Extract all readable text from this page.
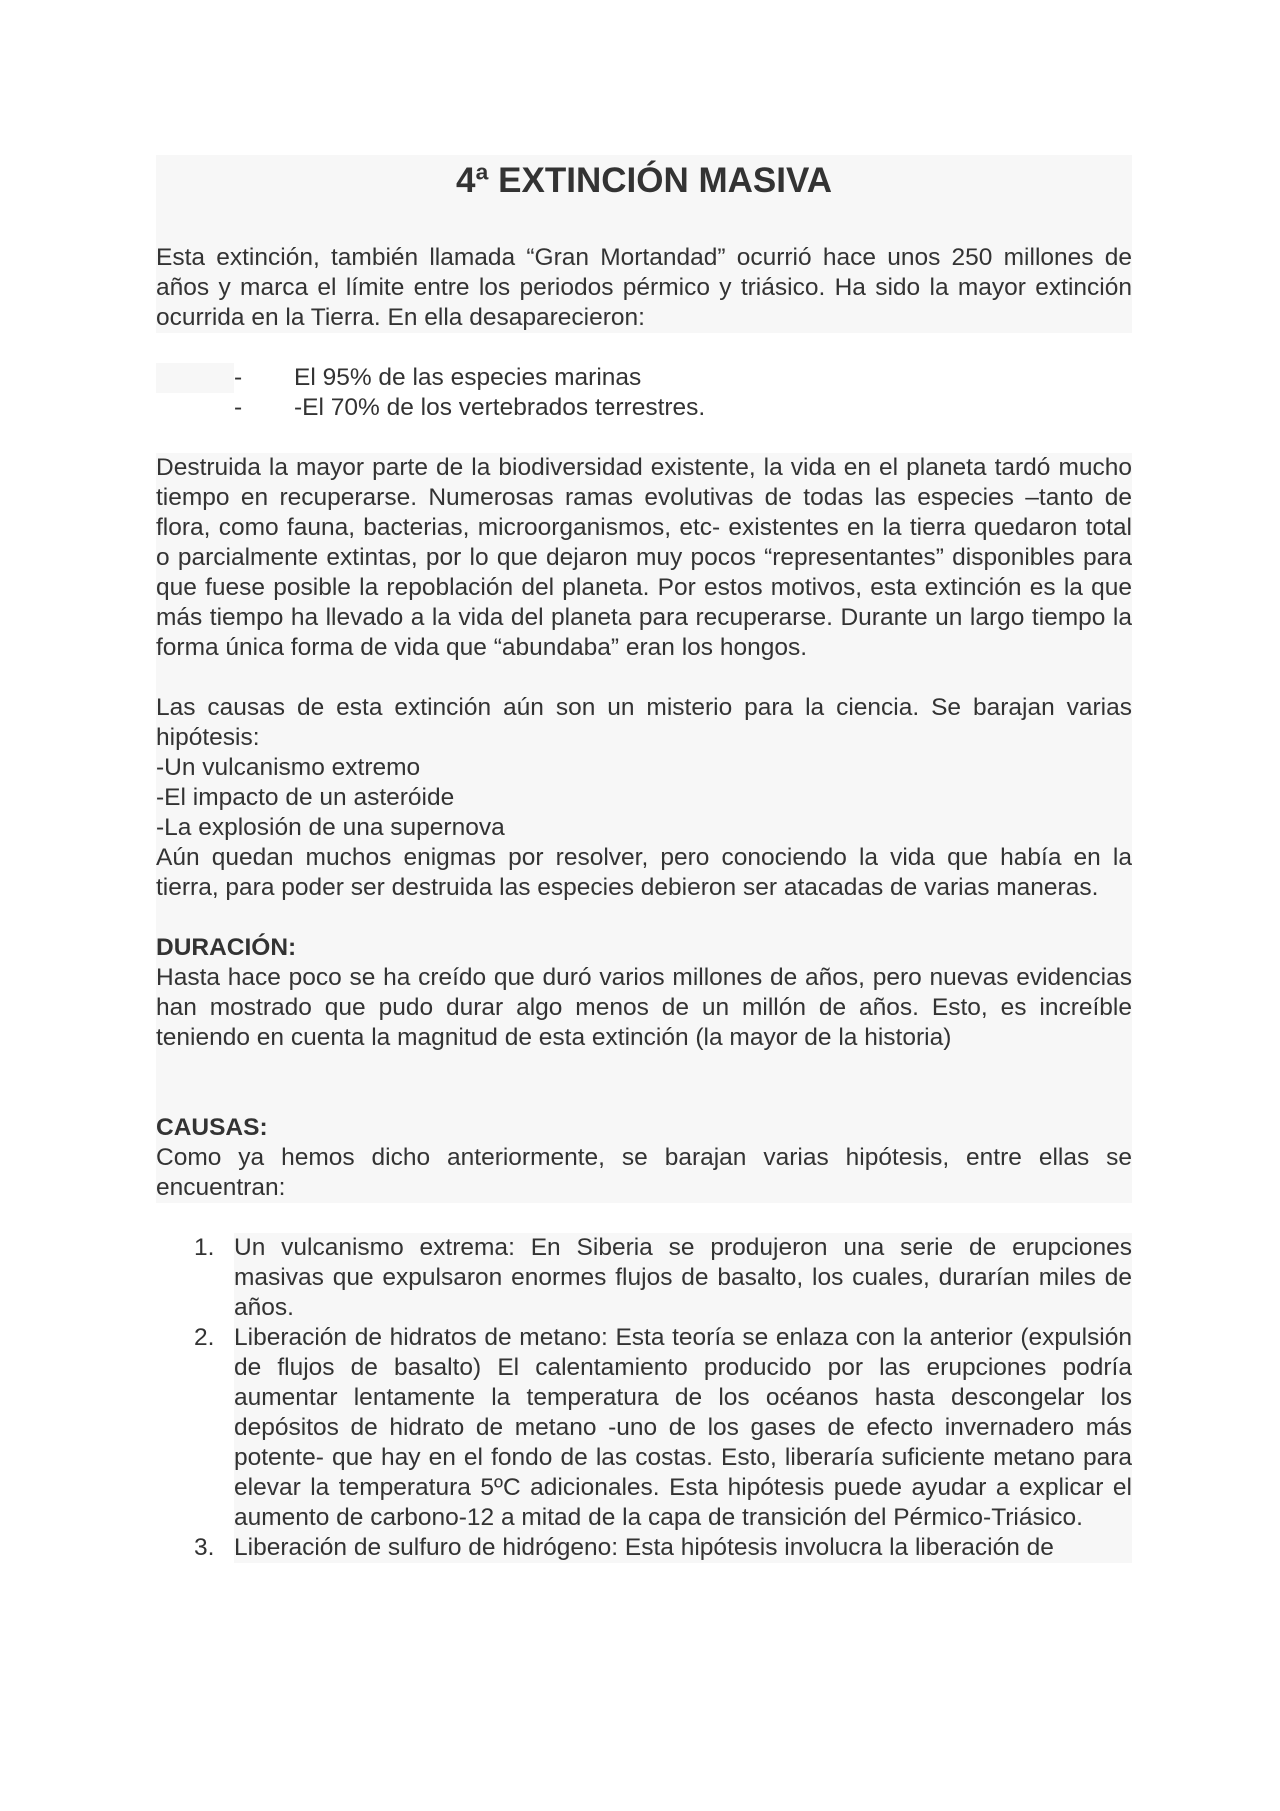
4ª EXTINCIÓN MASIVA

Esta extinción, también llamada “Gran Mortandad” ocurrió hace unos 250 millones de años y marca el límite entre los periodos pérmico y triásico. Ha sido la mayor extinción ocurrida en la Tierra. En ella desaparecieron:

- El 95% de las especies marinas
- -El 70% de los vertebrados terrestres.

Destruida la mayor parte de la biodiversidad existente, la vida en el planeta tardó mucho tiempo en recuperarse. Numerosas ramas evolutivas de todas las especies –tanto de flora, como fauna, bacterias, microorganismos, etc- existentes en la tierra quedaron total o parcialmente extintas, por lo que dejaron muy pocos “representantes” disponibles para que fuese posible la repoblación del planeta. Por estos motivos, esta extinción es la que más tiempo ha llevado a la vida del planeta para recuperarse. Durante un largo tiempo la forma única forma de vida que “abundaba” eran los hongos.

Las causas de esta extinción aún son un misterio para la ciencia. Se barajan varias hipótesis:

-Un vulcanismo extremo

-El impacto de un asteróide

-La explosión de una supernova

Aún quedan muchos enigmas por resolver, pero conociendo la vida que había en la tierra, para poder ser destruida las especies debieron ser atacadas de varias maneras.

DURACIÓN:

Hasta hace poco se ha creído que duró varios millones de años, pero nuevas evidencias han mostrado que pudo durar algo menos de un millón de años. Esto, es increíble teniendo en cuenta la magnitud de esta extinción (la mayor de la historia)

CAUSAS:

Como ya hemos dicho anteriormente, se barajan varias hipótesis, entre ellas se encuentran:

1. Un vulcanismo extrema: En Siberia se produjeron una serie de erupciones masivas que expulsaron enormes flujos de basalto, los cuales, durarían miles de años.
2. Liberación de hidratos de metano: Esta teoría se enlaza con la anterior (expulsión de flujos de basalto) El calentamiento producido por las erupciones podría aumentar lentamente la temperatura de los océanos hasta descongelar los depósitos de hidrato de metano -uno de los gases de efecto invernadero más potente- que hay en el fondo de las costas. Esto, liberaría suficiente metano para elevar la temperatura 5ºC adicionales. Esta hipótesis puede ayudar a explicar el aumento de carbono-12 a mitad de la capa de transición del Pérmico-Triásico.
3. Liberación de sulfuro de hidrógeno: Esta hipótesis involucra la liberación de
